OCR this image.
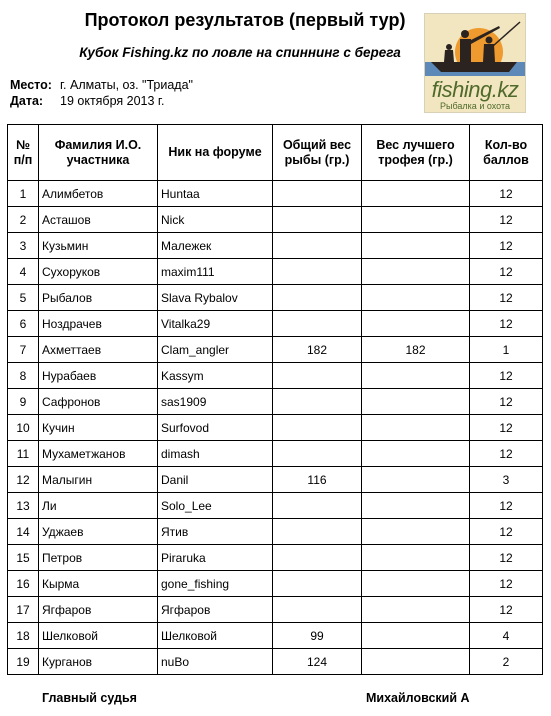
Протокол результатов (первый тур)
Кубок Fishing.kz по ловле на спиннинг с берега
Место: г. Алматы, оз. "Триада"
Дата: 19 октября 2013 г.	fishing.kz
Рыбалка и охота
№ п/п	Фамилия И.О. участника	Ник на форуме	Общий вес рыбы (гр.)	Вес лучшего трофея (гр.)	Кол-во баллов
1	Алимбетов	Huntaa			12
2	Асташов	Nick			12
3	Кузьмин	Малежек			12
4	Сухоруков	maxim111			12
5	Рыбалов	Slava Rybalov			12
6	Ноздрачев	Vitalka29			12
7	Ахметтаев	Clam_angler	182	182	1
8	Нурабаев	Kassym			12
9	Сафронов	sas1909			12
10	Кучин	Surfovod			12
11	Мухаметжанов	dimash			12
12	Малыгин	Danil	116		3
13	Ли	Solo_Lee			12
14	Уджаев	Ятив			12
15	Петров	Piraruka			12
16	Кырма	gone_fishing			12
17	Ягфаров	Ягфаров			12
18	Шелковой	Шелковой	99		4
19	Курганов	nuBo	124		2
Главный судья	Михайловский А
